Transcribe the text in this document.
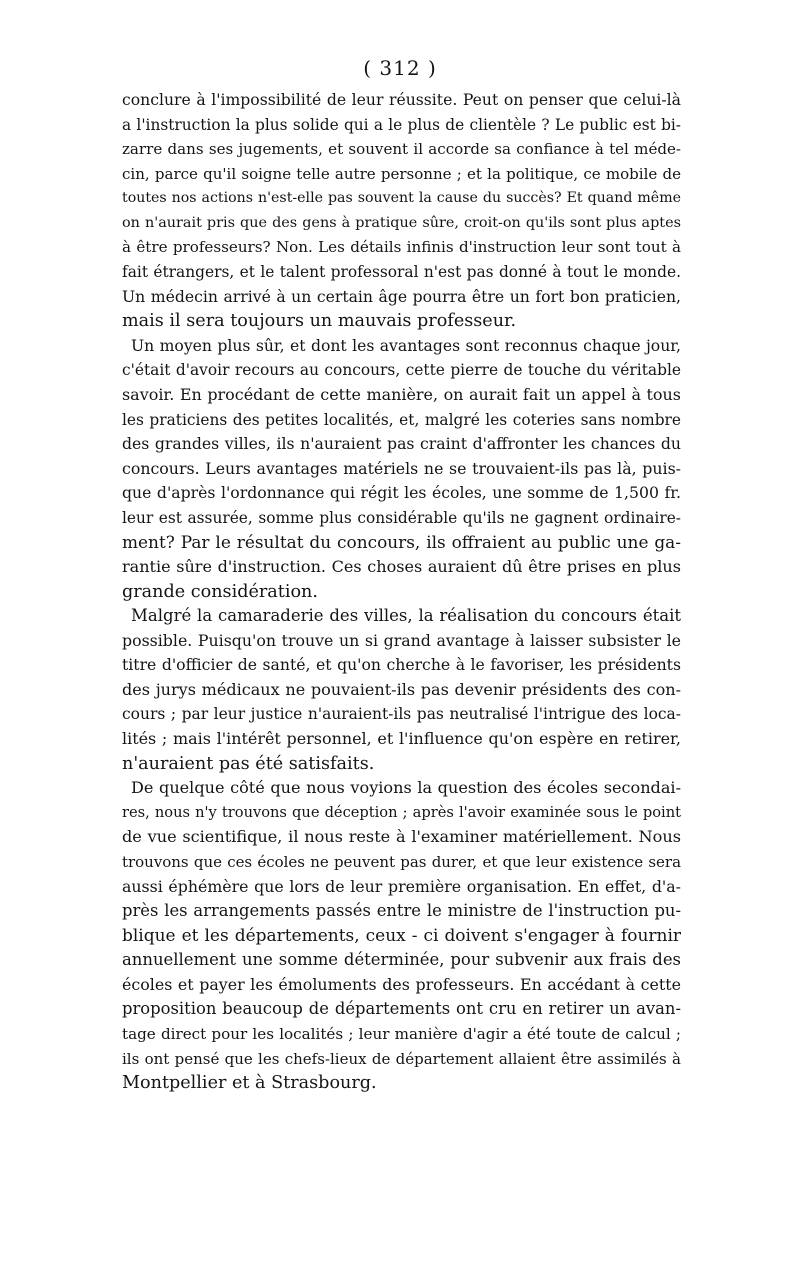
( 312 )
conclure à l'impossibilité de leur réussite. Peut on penser que celui-là
a l'instruction la plus solide qui a le plus de clientèle ? Le public est bi-
zarre dans ses jugements, et souvent il accorde sa confiance à tel méde-
cin, parce qu'il soigne telle autre personne ; et la politique, ce mobile de
toutes nos actions n'est-elle pas souvent la cause du succès? Et quand même
on n'aurait pris que des gens à pratique sûre, croit-on qu'ils sont plus aptes
à être professeurs? Non. Les détails infinis d'instruction leur sont tout à
fait étrangers, et le talent professoral n'est pas donné à tout le monde.
Un médecin arrivé à un certain âge pourra être un fort bon praticien,
mais il sera toujours un mauvais professeur.
Un moyen plus sûr, et dont les avantages sont reconnus chaque jour,
c'était d'avoir recours au concours, cette pierre de touche du véritable
savoir. En procédant de cette manière, on aurait fait un appel à tous
les praticiens des petites localités, et, malgré les coteries sans nombre
des grandes villes, ils n'auraient pas craint d'affronter les chances du
concours. Leurs avantages matériels ne se trouvaient-ils pas là, puis-
que d'après l'ordonnance qui régit les écoles, une somme de 1,500 fr.
leur est assurée, somme plus considérable qu'ils ne gagnent ordinaire-
ment? Par le résultat du concours, ils offraient au public une ga-
rantie sûre d'instruction. Ces choses auraient dû être prises en plus
grande considération.
Malgré la camaraderie des villes, la réalisation du concours était
possible. Puisqu'on trouve un si grand avantage à laisser subsister le
titre d'officier de santé, et qu'on cherche à le favoriser, les présidents
des jurys médicaux ne pouvaient-ils pas devenir présidents des con-
cours ; par leur justice n'auraient-ils pas neutralisé l'intrigue des loca-
lités ; mais l'intérêt personnel, et l'influence qu'on espère en retirer,
n'auraient pas été satisfaits.
De quelque côté que nous voyions la question des écoles secondai-
res, nous n'y trouvons que déception ; après l'avoir examinée sous le point
de vue scientifique, il nous reste à l'examiner matériellement. Nous
trouvons que ces écoles ne peuvent pas durer, et que leur existence sera
aussi éphémère que lors de leur première organisation. En effet, d'a-
près les arrangements passés entre le ministre de l'instruction pu-
blique et les départements, ceux - ci doivent s'engager à fournir
annuellement une somme déterminée, pour subvenir aux frais des
écoles et payer les émoluments des professeurs. En accédant à cette
proposition beaucoup de départements ont cru en retirer un avan-
tage direct pour les localités ; leur manière d'agir a été toute de calcul ;
ils ont pensé que les chefs-lieux de département allaient être assimilés à
Montpellier et à Strasbourg.
